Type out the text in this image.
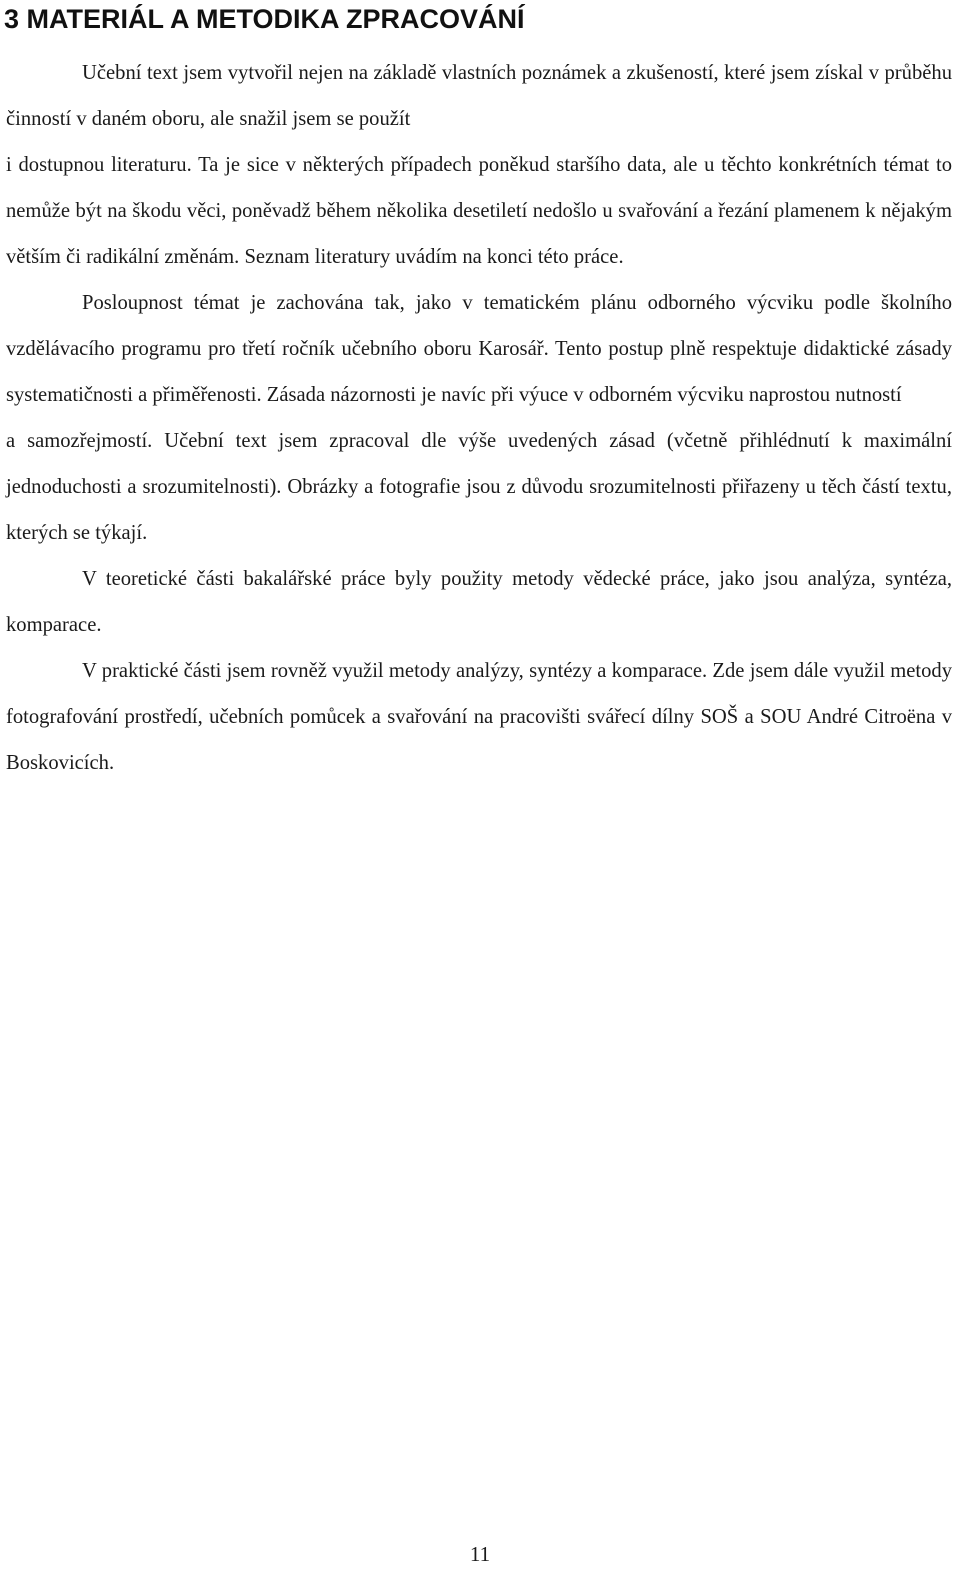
3 MATERIÁL A METODIKA ZPRACOVÁNÍ

Učební text jsem vytvořil nejen na základě vlastních poznámek a zkušeností, které jsem získal v průběhu činností v daném oboru, ale snažil jsem se použít
i dostupnou literaturu. Ta je sice v některých případech poněkud staršího data, ale u těchto konkrétních témat to nemůže být na škodu věci, poněvadž během několika desetiletí nedošlo u svařování a řezání plamenem k nějakým větším či radikální změnám. Seznam literatury uvádím na konci této práce.

Posloupnost témat je zachována tak, jako v tematickém plánu odborného výcviku podle školního vzdělávacího programu pro třetí ročník učebního oboru Karosář. Tento postup plně respektuje didaktické zásady systematičnosti a přiměřenosti. Zásada názornosti je navíc při výuce v odborném výcviku naprostou nutností
a samozřejmostí. Učební text jsem zpracoval dle výše uvedených zásad (včetně přihlédnutí k maximální jednoduchosti a srozumitelnosti). Obrázky a fotografie jsou z důvodu srozumitelnosti přiřazeny u těch částí textu, kterých se týkají.

V teoretické části bakalářské práce byly použity metody vědecké práce, jako jsou analýza, syntéza, komparace.

V praktické části jsem rovněž využil metody analýzy, syntézy a komparace. Zde jsem dále využil metody fotografování prostředí, učebních pomůcek a svařování na pracovišti svářecí dílny SOŠ a SOU André Citroëna v Boskovicích.

11
